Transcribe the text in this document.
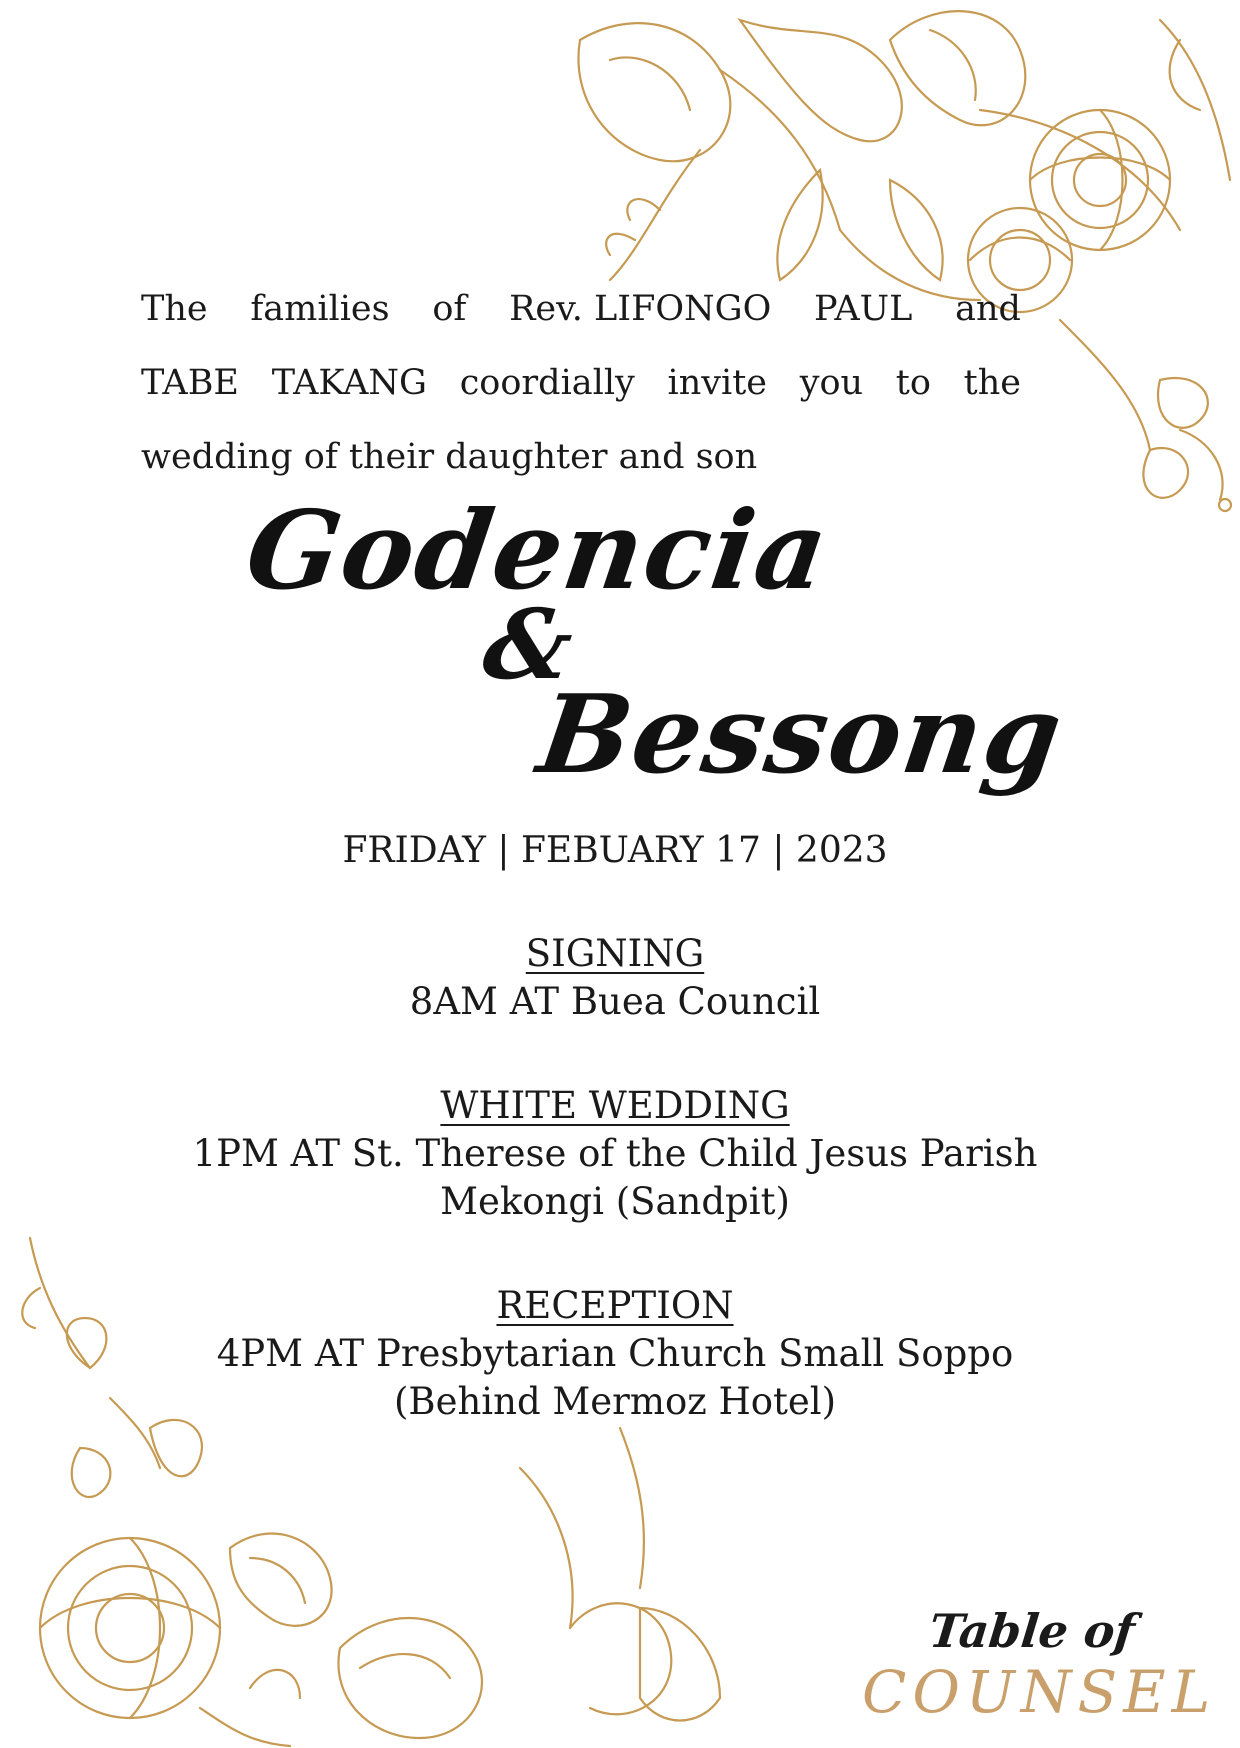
The families of Rev. LIFONGO PAUL and
TABE TAKANG coordially invite you to the
wedding of their daughter and son
Godencia
&
Bessong
FRIDAY | FEBUARY 17 | 2023
SIGNING
8AM AT Buea Council
WHITE WEDDING
1PM AT St. Therese of the Child Jesus Parish
Mekongi (Sandpit)
RECEPTION
4PM AT Presbytarian Church Small Soppo
(Behind Mermoz Hotel)
Table of
COUNSEL
